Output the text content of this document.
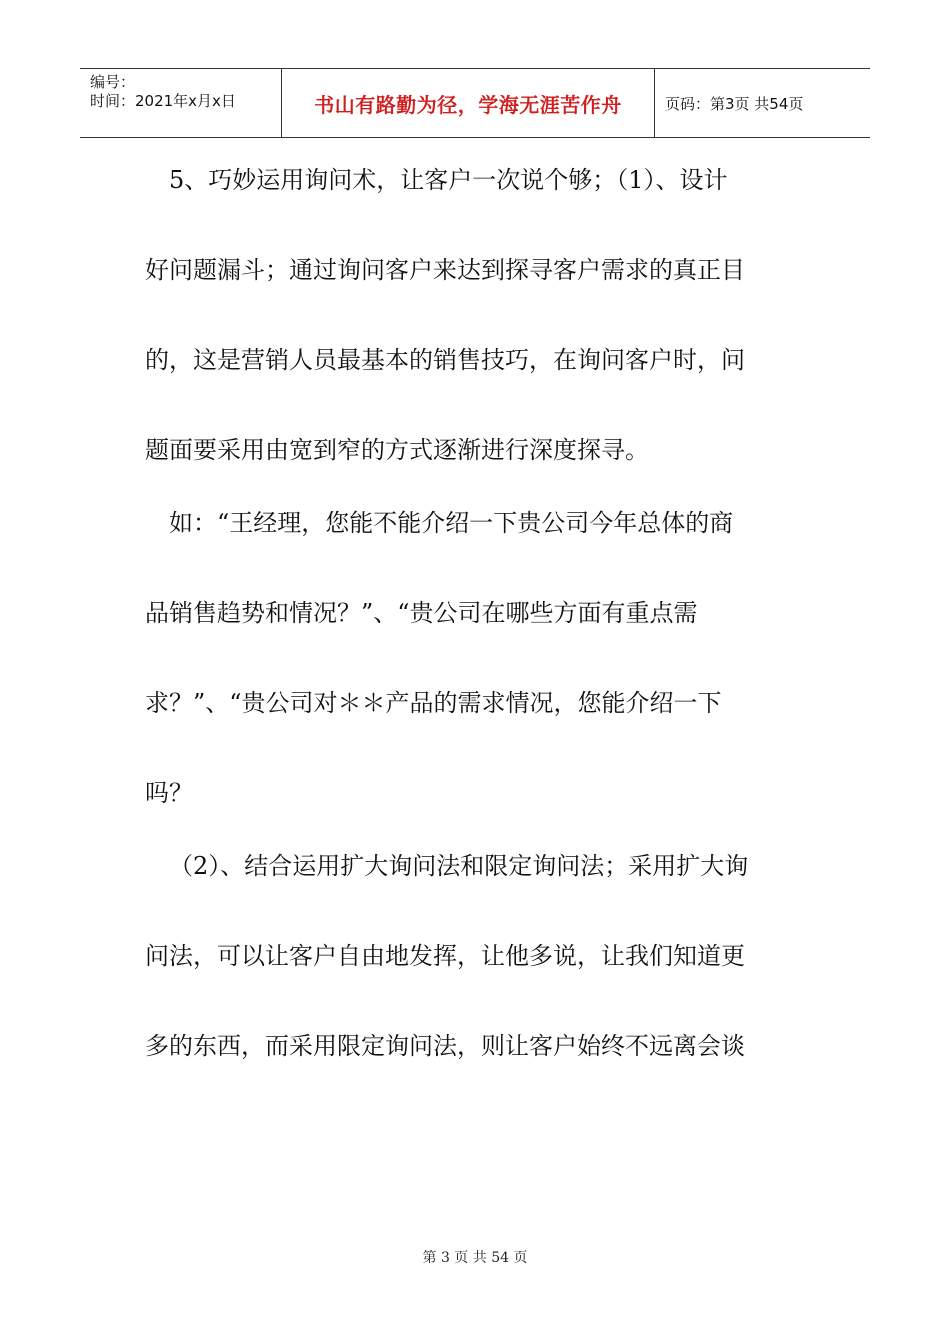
编号：
时间：2021年x月x日	书山有路勤为径，学海无涯苦作舟	页码：第3页 共54页
5、巧妙运用询问术，让客户一次说个够；（1）、设计
好问题漏斗；通过询问客户来达到探寻客户需求的真正目
的，这是营销人员最基本的销售技巧，在询问客户时，问
题面要采用由宽到窄的方式逐渐进行深度探寻。
如：“王经理，您能不能介绍一下贵公司今年总体的商
品销售趋势和情况？”、“贵公司在哪些方面有重点需
求？”、“贵公司对＊＊产品的需求情况，您能介绍一下
吗？
（2）、结合运用扩大询问法和限定询问法；采用扩大询
问法，可以让客户自由地发挥，让他多说，让我们知道更
多的东西，而采用限定询问法，则让客户始终不远离会谈
第 3 页 共 54 页
